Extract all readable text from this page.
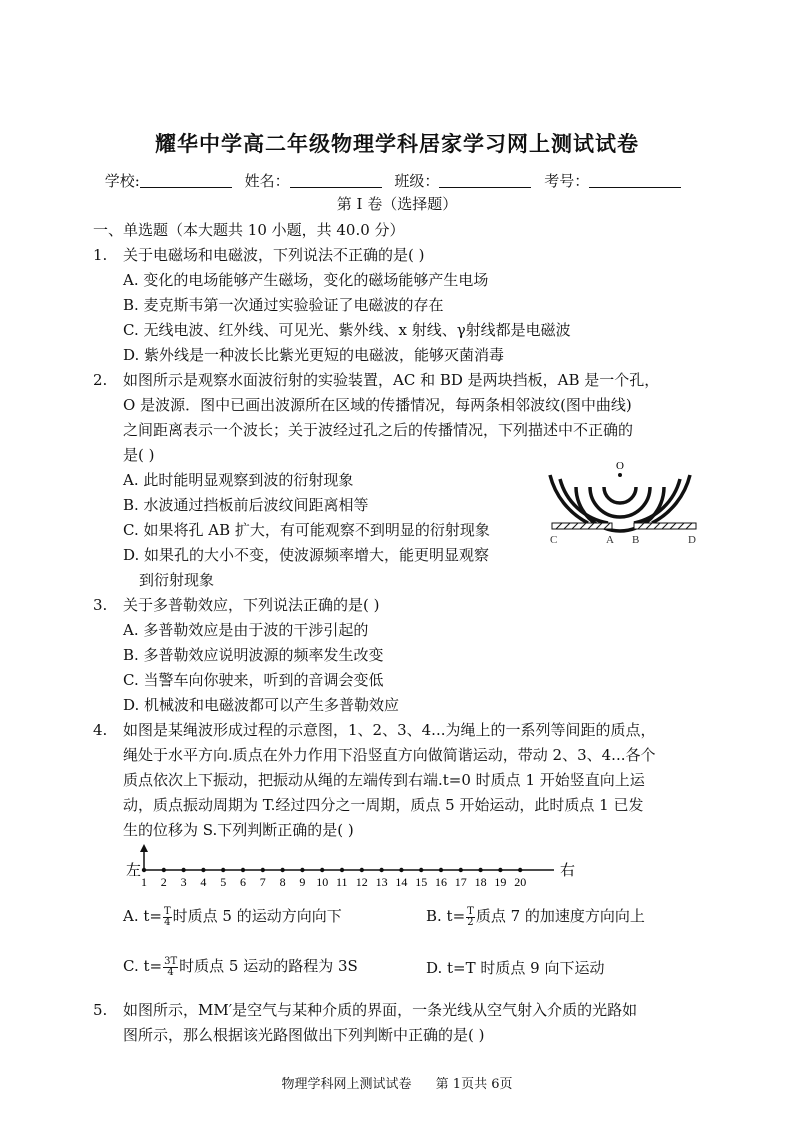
耀华中学高二年级物理学科居家学习网上测试试卷
学校:	姓名：	班级：	考号：
第 I 卷（选择题）
一、单选题（本大题共 10 小题，共 40.0 分）
1. 关于电磁场和电磁波，下列说法不正确的是( )
A. 变化的电场能够产生磁场，变化的磁场能够产生电场
B. 麦克斯韦第一次通过实验验证了电磁波的存在
C. 无线电波、红外线、可见光、紫外线、x 射线、γ射线都是电磁波
D. 紫外线是一种波长比紫光更短的电磁波，能够灭菌消毒
2. 如图所示是观察水面波衍射的实验装置，AC 和 BD 是两块挡板，AB 是一个孔，
O 是波源．图中已画出波源所在区域的传播情况，每两条相邻波纹(图中曲线)
之间距离表示一个波长；关于波经过孔之后的传播情况，下列描述中不正确的
是( )
A. 此时能明显观察到波的衍射现象
B. 水波通过挡板前后波纹间距离相等
C. 如果将孔 AB 扩大，有可能观察不到明显的衍射现象
D. 如果孔的大小不变，使波源频率增大，能更明显观察
到衍射现象
O
C	A B	D
3. 关于多普勒效应，下列说法正确的是( )
A. 多普勒效应是由于波的干涉引起的
B. 多普勒效应说明波源的频率发生改变
C. 当警车向你驶来，听到的音调会变低
D. 机械波和电磁波都可以产生多普勒效应
4. 如图是某绳波形成过程的示意图，1、2、3、4...为绳上的一系列等间距的质点，
绳处于水平方向.质点在外力作用下沿竖直方向做简谐运动，带动 2、3、4...各个
质点依次上下振动，把振动从绳的左端传到右端.t=0 时质点 1 开始竖直向上运
动，质点振动周期为 T.经过四分之一周期，质点 5 开始运动，此时质点 1 已发
生的位移为 S.下列判断正确的是( )
左	右
1 2 3 4 5 6 7 8 9 10 11 12 13 14 15 16 17 18 19 20
A. $t= \frac{T}{4}$ 时质点 5 的运动方向向下	B. $t= \frac{T}{2}$ 质点 7 的加速度方向向上
C. $t= \frac{3T}{4}$ 时质点 5 运动的路程为 3S	D. t=T 时质点 9 向下运动
5. 如图所示，MM′是空气与某种介质的界面，一条光线从空气射入介质的光路如
图所示，那么根据该光路图做出下列判断中正确的是( )
物理学科网上测试试卷 第 1页共 6页
